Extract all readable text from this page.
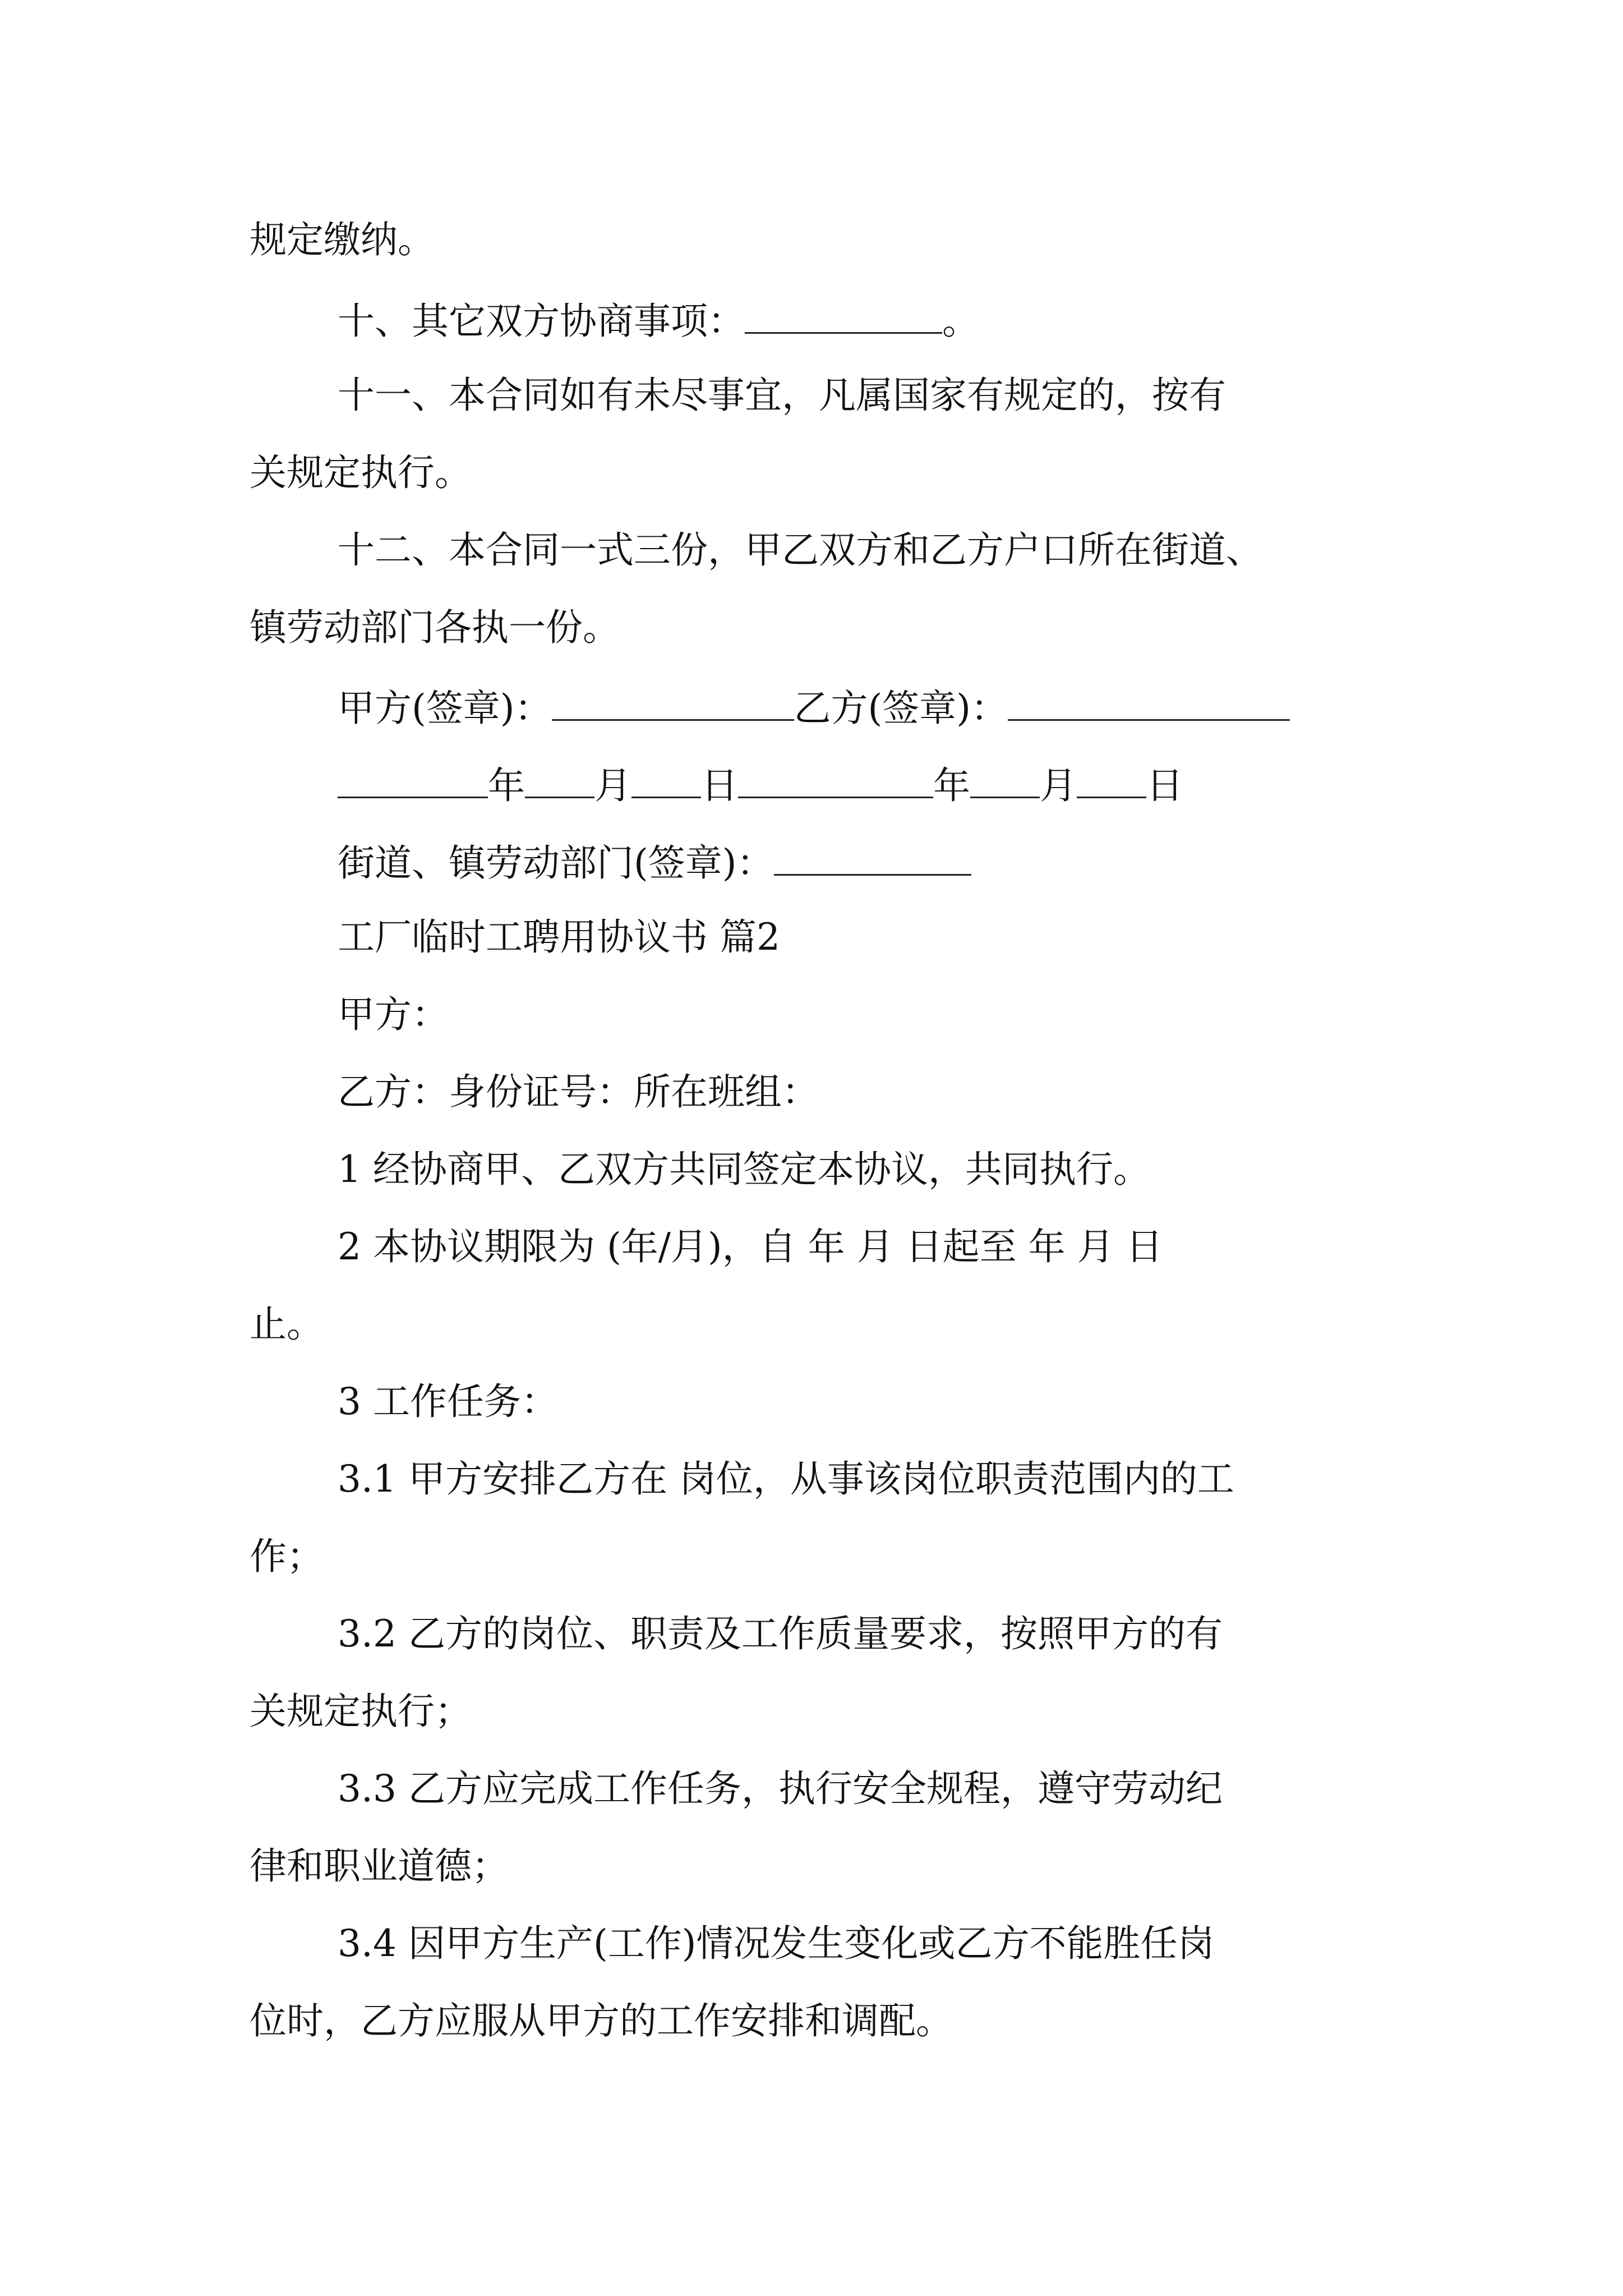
规定缴纳。
十、其它双方协商事项：	。
十一、本合同如有未尽事宜，凡属国家有规定的，按有
关规定执行。
十二、本合同一式三份，甲乙双方和乙方户口所在街道、
镇劳动部门各执一份。
甲方(签章)：	乙方(签章)：
年 月 日	年 月 日
街道、镇劳动部门(签章)：
工厂临时工聘用协议书 篇2
甲方：
乙方：身份证号：所在班组：
1 经协商甲、乙双方共同签定本协议，共同执行。
2 本协议期限为 (年/月)，自 年 月 日起至 年 月 日
止。
3 工作任务：
3.1 甲方安排乙方在 岗位，从事该岗位职责范围内的工
作；
3.2 乙方的岗位、职责及工作质量要求，按照甲方的有
关规定执行；
3.3 乙方应完成工作任务，执行安全规程，遵守劳动纪
律和职业道德；
3.4 因甲方生产(工作)情况发生变化或乙方不能胜任岗
位时，乙方应服从甲方的工作安排和调配。
